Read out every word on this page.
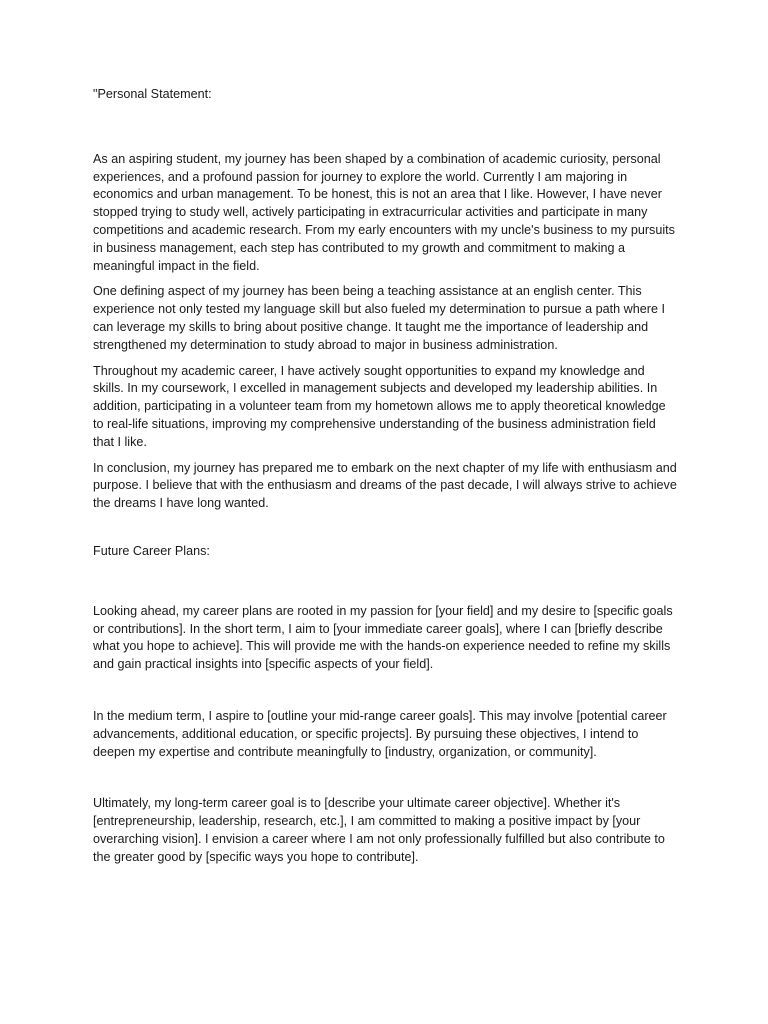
"Personal Statement:

As an aspiring student, my journey has been shaped by a combination of academic curiosity, personal experiences, and a profound passion for journey to explore the world. Currently I am majoring in economics and urban management. To be honest, this is not an area that I like. However, I have never stopped trying to study well, actively participating in extracurricular activities and participate in many competitions and academic research. From my early encounters with my uncle's business to my pursuits in business management, each step has contributed to my growth and commitment to making a meaningful impact in the field.

One defining aspect of my journey has been being a teaching assistance at an english center. This experience not only tested my language skill but also fueled my determination to pursue a path where I can leverage my skills to bring about positive change. It taught me the importance of leadership and strengthened my determination to study abroad to major in business administration.

Throughout my academic career, I have actively sought opportunities to expand my knowledge and skills. In my coursework, I excelled in management subjects and developed my leadership abilities. In addition, participating in a volunteer team from my hometown allows me to apply theoretical knowledge to real-life situations, improving my comprehensive understanding of the business administration field that I like.

In conclusion, my journey has prepared me to embark on the next chapter of my life with enthusiasm and purpose. I believe that with the enthusiasm and dreams of the past decade, I will always strive to achieve the dreams I have long wanted.

Future Career Plans:

Looking ahead, my career plans are rooted in my passion for [your field] and my desire to [specific goals or contributions]. In the short term, I aim to [your immediate career goals], where I can [briefly describe what you hope to achieve]. This will provide me with the hands-on experience needed to refine my skills and gain practical insights into [specific aspects of your field].

In the medium term, I aspire to [outline your mid-range career goals]. This may involve [potential career advancements, additional education, or specific projects]. By pursuing these objectives, I intend to deepen my expertise and contribute meaningfully to [industry, organization, or community].

Ultimately, my long-term career goal is to [describe your ultimate career objective]. Whether it's [entrepreneurship, leadership, research, etc.], I am committed to making a positive impact by [your overarching vision]. I envision a career where I am not only professionally fulfilled but also contribute to the greater good by [specific ways you hope to contribute].
